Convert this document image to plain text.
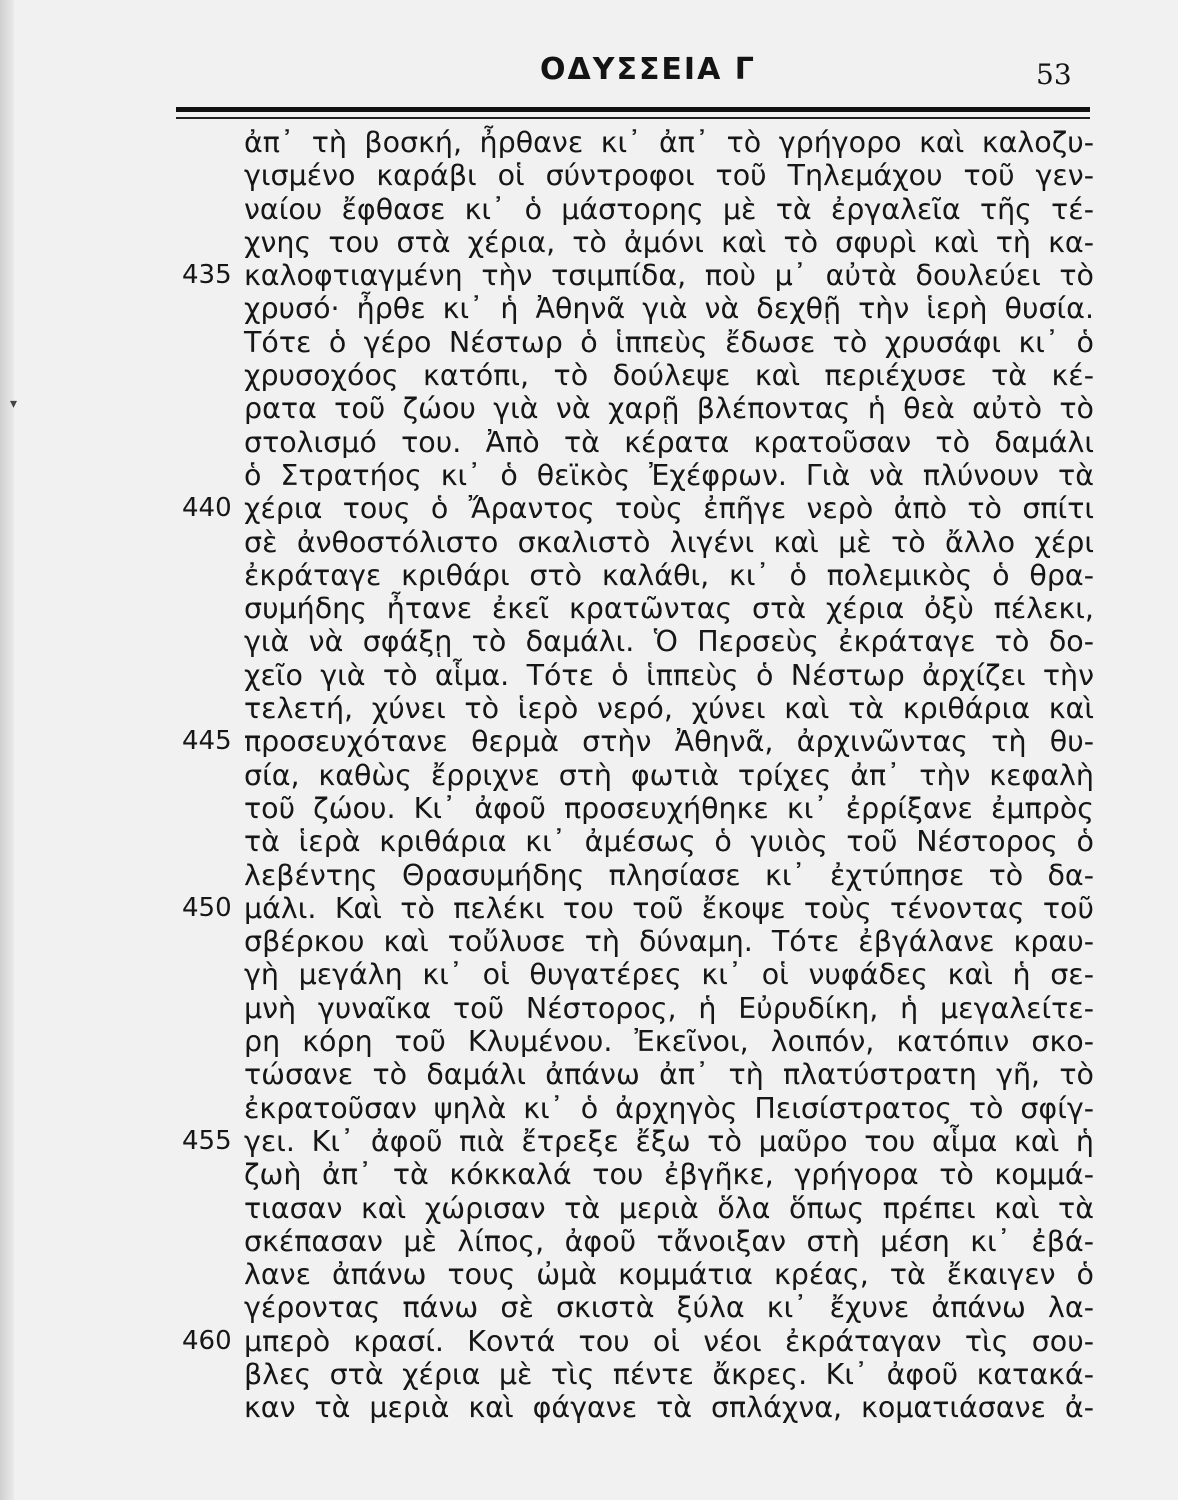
▾
ΟΔΥΣΣΕΙΑ Γ	53
ἀπ᾽ τὴ βοσκή, ἦρθανε κι᾽ ἀπ᾽ τὸ γρήγορο καὶ καλοζυ-
γισμένο καράβι οἱ σύντροφοι τοῦ Τηλεμάχου τοῦ γεν-
ναίου ἔφθασε κι᾽ ὁ μάστορης μὲ τὰ ἐργαλεῖα τῆς τέ-
χνης του στὰ χέρια, τὸ ἀμόνι καὶ τὸ σφυρὶ καὶ τὴ κα-
καλοφτιαγμένη τὴν τσιμπίδα, ποὺ μ᾽ αὐτὰ δουλεύει τὸ
435
χρυσό· ἦρθε κι᾽ ἡ Ἀθηνᾶ γιὰ νὰ δεχθῇ τὴν ἱερὴ θυσία.
Τότε ὁ γέρο Νέστωρ ὁ ἱππεὺς ἔδωσε τὸ χρυσάφι κι᾽ ὁ
χρυσοχόος κατόπι, τὸ δούλεψε καὶ περιέχυσε τὰ κέ-
ρατα τοῦ ζώου γιὰ νὰ χαρῇ βλέποντας ἡ θεὰ αὐτὸ τὸ
στολισμό του. Ἀπὸ τὰ κέρατα κρατοῦσαν τὸ δαμάλι
ὁ Στρατήος κι᾽ ὁ θεϊκὸς Ἐχέφρων. Γιὰ νὰ πλύνουν τὰ
χέρια τους ὁ Ἄραντος τοὺς ἐπῆγε νερὸ ἀπὸ τὸ σπίτι
440
σὲ ἀνθοστόλιστο σκαλιστὸ λιγένι καὶ μὲ τὸ ἄλλο χέρι
ἐκράταγε κριθάρι στὸ καλάθι, κι᾽ ὁ πολεμικὸς ὁ θρα-
συμήδης ἦτανε ἐκεῖ κρατῶντας στὰ χέρια ὀξὺ πέλεκι,
γιὰ νὰ σφάξῃ τὸ δαμάλι. Ὁ Περσεὺς ἐκράταγε τὸ δο-
χεῖο γιὰ τὸ αἷμα. Τότε ὁ ἱππεὺς ὁ Νέστωρ ἀρχίζει τὴν
τελετή, χύνει τὸ ἱερὸ νερό, χύνει καὶ τὰ κριθάρια καὶ
προσευχότανε θερμὰ στὴν Ἀθηνᾶ, ἀρχινῶντας τὴ θυ-
445
σία, καθὼς ἔρριχνε στὴ φωτιὰ τρίχες ἀπ᾽ τὴν κεφαλὴ
τοῦ ζώου. Κι᾽ ἀφοῦ προσευχήθηκε κι᾽ ἐρρίξανε ἐμπρὸς
τὰ ἱερὰ κριθάρια κι᾽ ἀμέσως ὁ γυιὸς τοῦ Νέστορος ὁ
λεβέντης Θρασυμήδης πλησίασε κι᾽ ἐχτύπησε τὸ δα-
μάλι. Καὶ τὸ πελέκι του τοῦ ἔκοψε τοὺς τένοντας τοῦ
450
σβέρκου καὶ τοὔλυσε τὴ δύναμη. Τότε ἐβγάλανε κραυ-
γὴ μεγάλη κι᾽ οἱ θυγατέρες κι᾽ οἱ νυφάδες καὶ ἡ σε-
μνὴ γυναῖκα τοῦ Νέστορος, ἡ Εὐρυδίκη, ἡ μεγαλείτε-
ρη κόρη τοῦ Κλυμένου. Ἐκεῖνοι, λοιπόν, κατόπιν σκο-
τώσανε τὸ δαμάλι ἀπάνω ἀπ᾽ τὴ πλατύστρατη γῆ, τὸ
ἐκρατοῦσαν ψηλὰ κι᾽ ὁ ἀρχηγὸς Πεισίστρατος τὸ σφίγ-
γει. Κι᾽ ἀφοῦ πιὰ ἔτρεξε ἔξω τὸ μαῦρο του αἷμα καὶ ἡ
455
ζωὴ ἀπ᾽ τὰ κόκκαλά του ἐβγῆκε, γρήγορα τὸ κομμά-
τιασαν καὶ χώρισαν τὰ μεριὰ ὅλα ὅπως πρέπει καὶ τὰ
σκέπασαν μὲ λίπος, ἀφοῦ τἄνοιξαν στὴ μέση κι᾽ ἐβά-
λανε ἀπάνω τους ὠμὰ κομμάτια κρέας, τὰ ἔκαιγεν ὁ
γέροντας πάνω σὲ σκιστὰ ξύλα κι᾽ ἔχυνε ἀπάνω λα-
μπερὸ κρασί. Κοντά του οἱ νέοι ἐκράταγαν τὶς σου-
460
βλες στὰ χέρια μὲ τὶς πέντε ἄκρες. Κι᾽ ἀφοῦ κατακά-
καν τὰ μεριὰ καὶ φάγανε τὰ σπλάχνα, κοματιάσανε ἀ-
